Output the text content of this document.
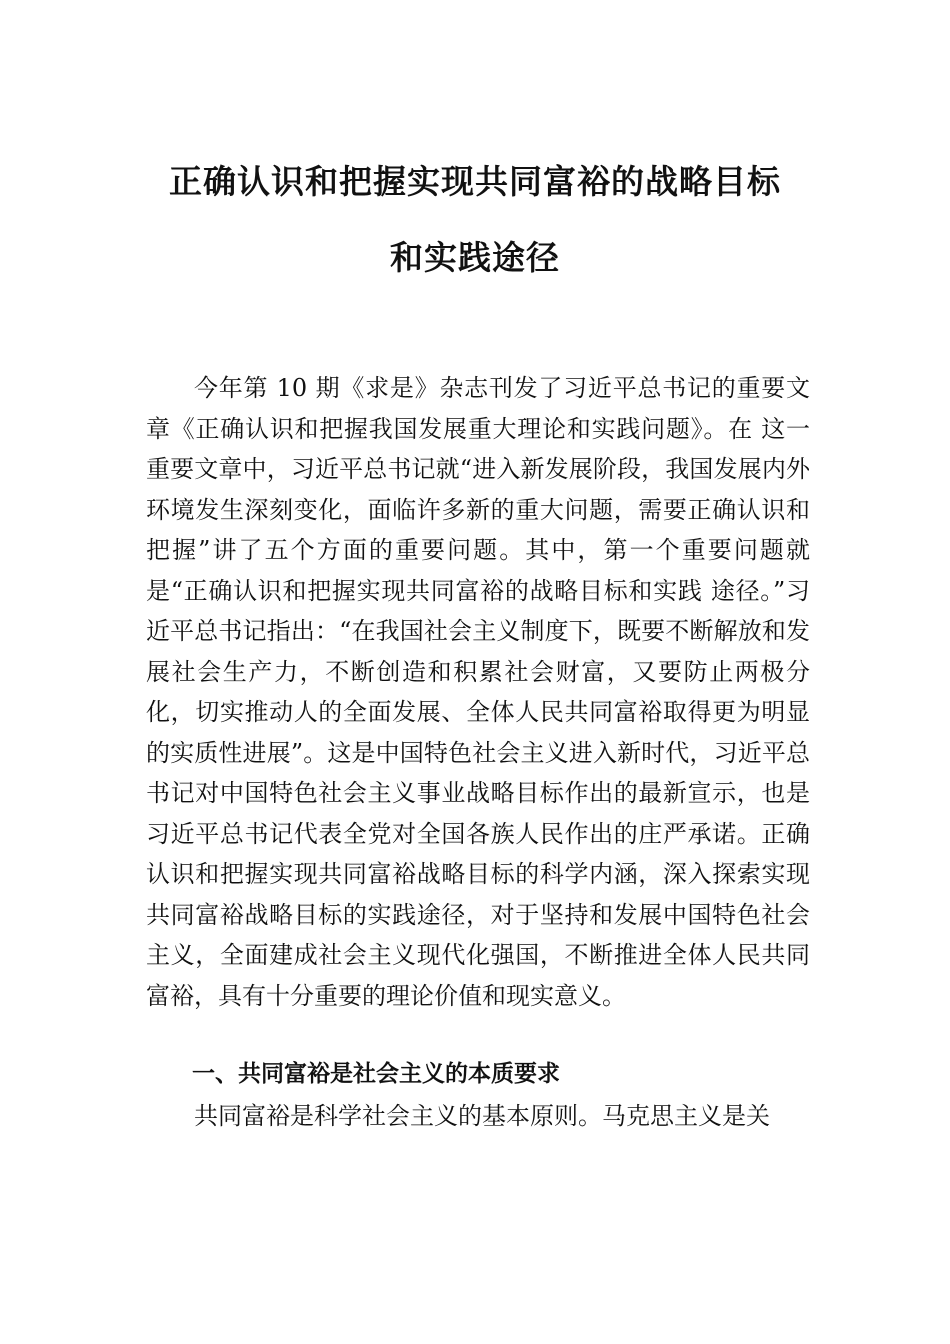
正确认识和把握实现共同富裕的战略目标
和实践途径

今年第 10 期《求是》杂志刊发了习近平总书记的重要文章《正确认识和把握我国发展重大理论和实践问题》。在 这一重要文章中，习近平总书记就“进入新发展阶段，我国发展内外环境发生深刻变化，面临许多新的重大问题，需要正确认识和把握”讲了五个方面的重要问题。其中，第一个重要问题就是“正确认识和把握实现共同富裕的战略目标和实践 途径。”习近平总书记指出：“在我国社会主义制度下，既要不断解放和发展社会生产力，不断创造和积累社会财富，又要防止两极分化，切实推动人的全面发展、全体人民共同富裕取得更为明显的实质性进展”。这是中国特色社会主义进入新时代，习近平总书记对中国特色社会主义事业战略目标作出的最新宣示，也是习近平总书记代表全党对全国各族人民作出的庄严承诺。正确认识和把握实现共同富裕战略目标的科学内涵，深入探索实现共同富裕战略目标的实践途径，对于坚持和发展中国特色社会主义，全面建成社会主义现代化强国，不断推进全体人民共同富裕，具有十分重要的理论价值和现实意义。

一、共同富裕是社会主义的本质要求

共同富裕是科学社会主义的基本原则。马克思主义是关
